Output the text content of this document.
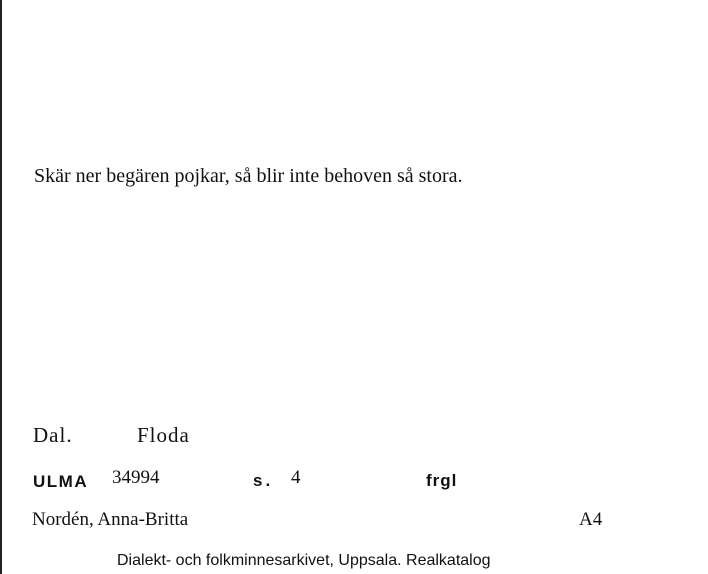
Skär ner begären pojkar, så blir inte behoven så stora.
Dal.	Floda
ULMA 34994	s. 4	frgl
Nordén, Anna-Britta	A4
Dialekt- och folkminnesarkivet, Uppsala. Realkatalog
